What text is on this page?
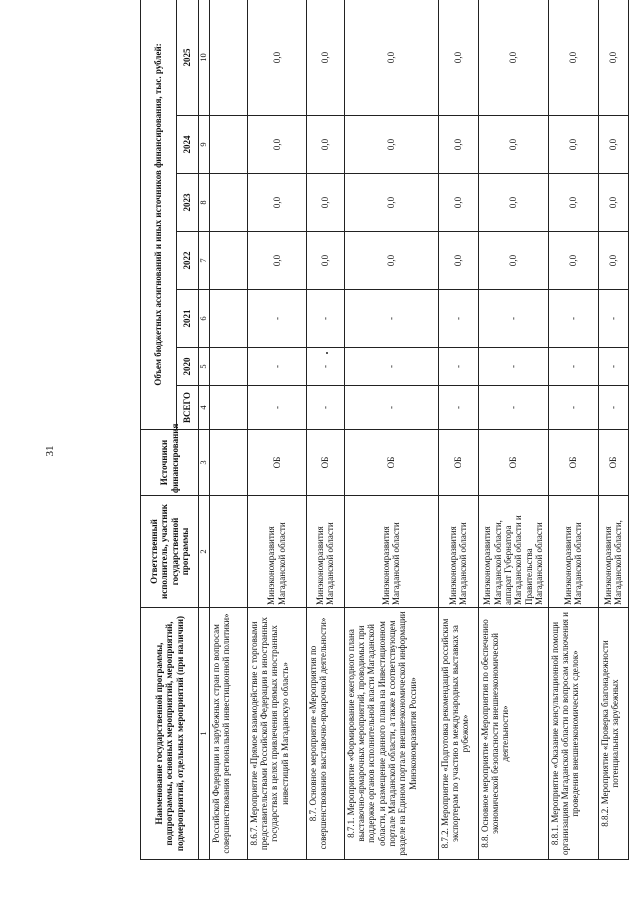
31
Наименование государственной программы, подпрограммы, основных мероприятий, мероприятий, подмероприятий, отдельных мероприятий (при наличии)	Ответственный исполнитель, участник государственной программы	Источники финансирования	Объем бюджетных ассигнований и иных источников финансирования, тыс. рублей:						
			ВСЕГО	2020	2021	2022	2023	2024	2025
1	2	3	4	5	6	7	8	9	10
Российской Федерации и зарубежных стран по вопросам совершенствования региональной инвестиционной политики»									
8.6.7. Мероприятие «Прямое взаимодействие с торговыми представительствами Российской Федерации в иностранных государствах в целях привлечения прямых иностранных инвестиций в Магаданскую область»	Минэкономразвития Магаданской области	ОБ	-	-	-	0,0	0,0	0,0	0,0
8.7. Основное мероприятие «Мероприятия по совершенствованию выставочно-ярмарочной деятельности»	Минэкономразвития Магаданской области	ОБ	-	-	-	0,0	0,0	0,0	0,0
8.7.1. Мероприятие «Формирование ежегодного плана выставочно-ярмарочных мероприятий, проводимых при поддержке органов исполнительной власти Магаданской области, и размещение данного плана на Инвестиционном портале Магаданской области, а также в соответствующем разделе на Едином портале внешнеэкономической информации Минэкономразвития России»	Минэкономразвития Магаданской области	ОБ	-	-	-	0,0	0,0	0,0	0,0
8.7.2. Мероприятие «Подготовка рекомендаций российским экспортерам по участию в международных выставках за рубежом»	Минэкономразвития Магаданской области	ОБ	-	-	-	0,0	0,0	0,0	0,0
8.8. Основное мероприятие «Мероприятия по обеспечению экономической безопасности внешнеэкономической деятельности»	Минэкономразвития Магаданской области, аппарат Губернатора Магаданской области и Правительства Магаданской области	ОБ	-	-	-	0,0	0,0	0,0	0,0
8.8.1. Мероприятие «Оказание консультационной помощи организациям Магаданской области по вопросам заключения и проведения внешнеэкономических сделок»	Минэкономразвития Магаданской области	ОБ	-	-	-	0,0	0,0	0,0	0,0
8.8.2. Мероприятие «Проверка благонадежности потенциальных зарубежных	Минэкономразвития Магаданской области,	ОБ	-	-	-	0,0	0,0	0,0	0,0
